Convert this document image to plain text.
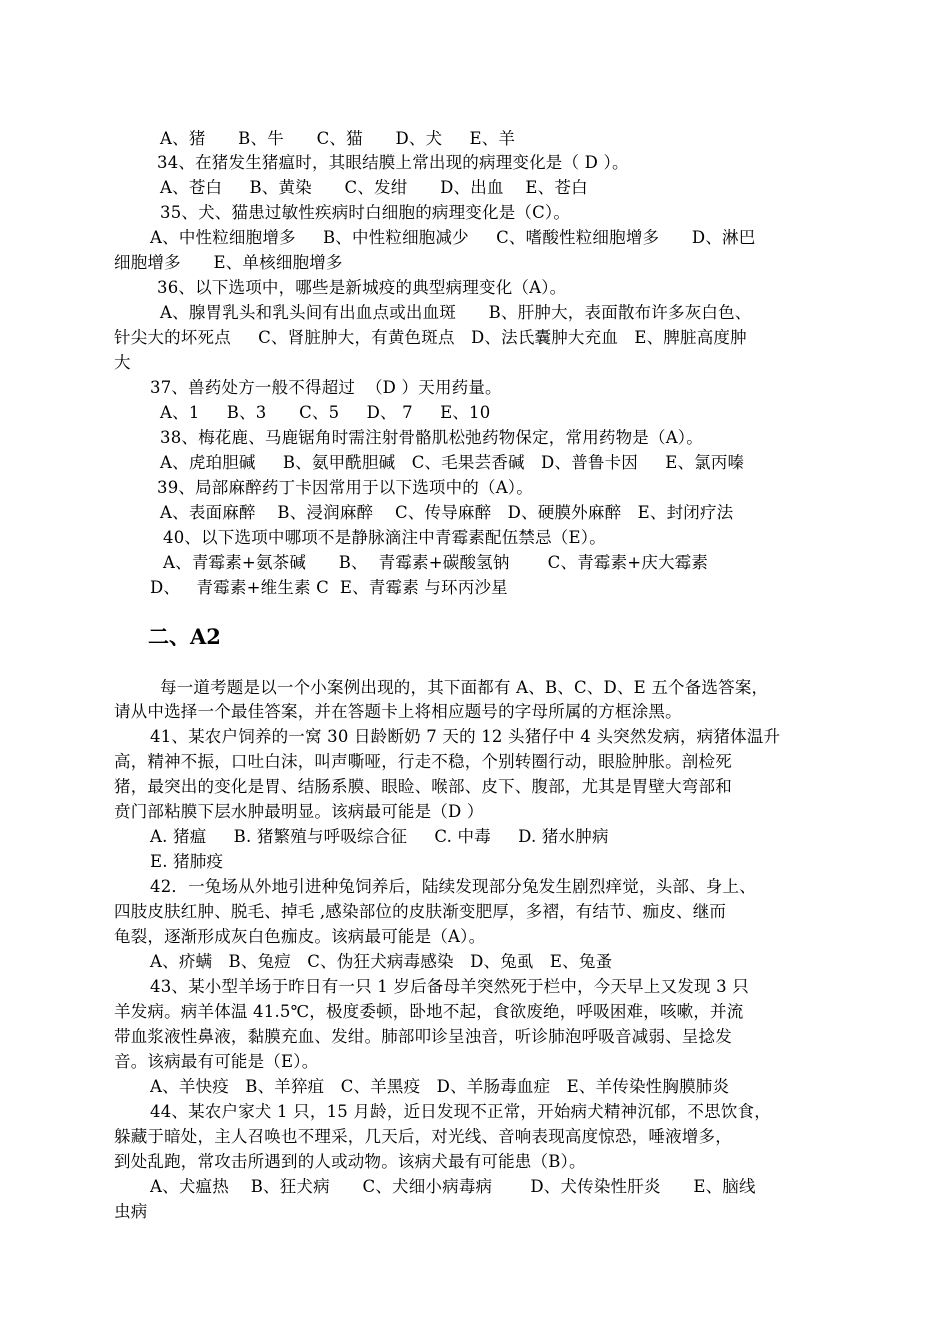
A、猪      B、牛      C、猫      D、犬     E、羊
34、在猪发生猪瘟时，其眼结膜上常出现的病理变化是（ D ）。
A、苍白     B、黄染      C、发绀      D、出血    E、苍白
35、犬、猫患过敏性疾病时白细胞的病理变化是（C）。
A、中性粒细胞增多     B、中性粒细胞减少     C、嗜酸性粒细胞增多      D、淋巴
细胞增多      E、单核细胞增多
36、以下选项中，哪些是新城疫的典型病理变化（A）。
A、腺胃乳头和乳头间有出血点或出血斑      B、肝肿大，表面散布许多灰白色、
针尖大的坏死点     C、肾脏肿大，有黄色斑点   D、法氏囊肿大充血   E、脾脏高度肿
大
37、兽药处方一般不得超过  （D ）天用药量。
A、1     B、3      C、5     D、 7     E、10
38、梅花鹿、马鹿锯角时需注射骨骼肌松弛药物保定，常用药物是（A）。
A、虎珀胆碱     B、氨甲酰胆碱   C、毛果芸香碱   D、普鲁卡因     E、氯丙嗪
39、局部麻醉药丁卡因常用于以下选项中的（A）。
A、表面麻醉    B、浸润麻醉    C、传导麻醉   D、硬膜外麻醉   E、封闭疗法
40、以下选项中哪项不是静脉滴注中青霉素配伍禁忌（E）。
A、青霉素+氨茶碱      B、  青霉素+碳酸氢钠       C、青霉素+庆大霉素
D、   青霉素+维生素 C  E、青霉素 与环丙沙星
二、A2
每一道考题是以一个小案例出现的，其下面都有 A、B、C、D、E 五个备选答案，
请从中选择一个最佳答案，并在答题卡上将相应题号的字母所属的方框涂黑。
41、某农户饲养的一窝 30 日龄断奶 7 天的 12 头猪仔中 4 头突然发病，病猪体温升
高，精神不振，口吐白沫，叫声嘶哑，行走不稳，个别转圈行动，眼脸肿胀。剖检死
猪，最突出的变化是胃、结肠系膜、眼睑、喉部、皮下、腹部，尤其是胃壁大弯部和
贲门部粘膜下层水肿最明显。该病最可能是（D ）
A. 猪瘟     B. 猪繁殖与呼吸综合征     C. 中毒     D. 猪水肿病
E. 猪肺疫
42．一兔场从外地引进种兔饲养后，陆续发现部分兔发生剧烈痒觉，头部、身上、
四肢皮肤红肿、脱毛、掉毛 ,感染部位的皮肤渐变肥厚，多褶，有结节、痂皮、继而
龟裂，逐渐形成灰白色痂皮。该病最可能是（A）。
A、疥螨   B、兔痘   C、伪狂犬病毒感染   D、兔虱   E、兔蚤
43、某小型羊场于昨日有一只 1 岁后备母羊突然死于栏中，今天早上又发现 3 只
羊发病。病羊体温 41.5℃，极度委顿，卧地不起，食欲废绝，呼吸困难，咳嗽，并流
带血浆液性鼻液，黏膜充血、发绀。肺部叩诊呈浊音，听诊肺泡呼吸音减弱、呈捻发
音。该病最有可能是（E）。
A、羊快疫   B、羊猝疽   C、羊黑疫   D、羊肠毒血症   E、羊传染性胸膜肺炎
44、某农户家犬 1 只，15 月龄，近日发现不正常，开始病犬精神沉郁，不思饮食，
躲藏于暗处，主人召唤也不理采，几天后，对光线、音响表现高度惊恐，唾液增多，
到处乱跑，常攻击所遇到的人或动物。该病犬最有可能患（B）。
A、犬瘟热    B、狂犬病      C、犬细小病毒病       D、犬传染性肝炎      E、脑线
虫病
